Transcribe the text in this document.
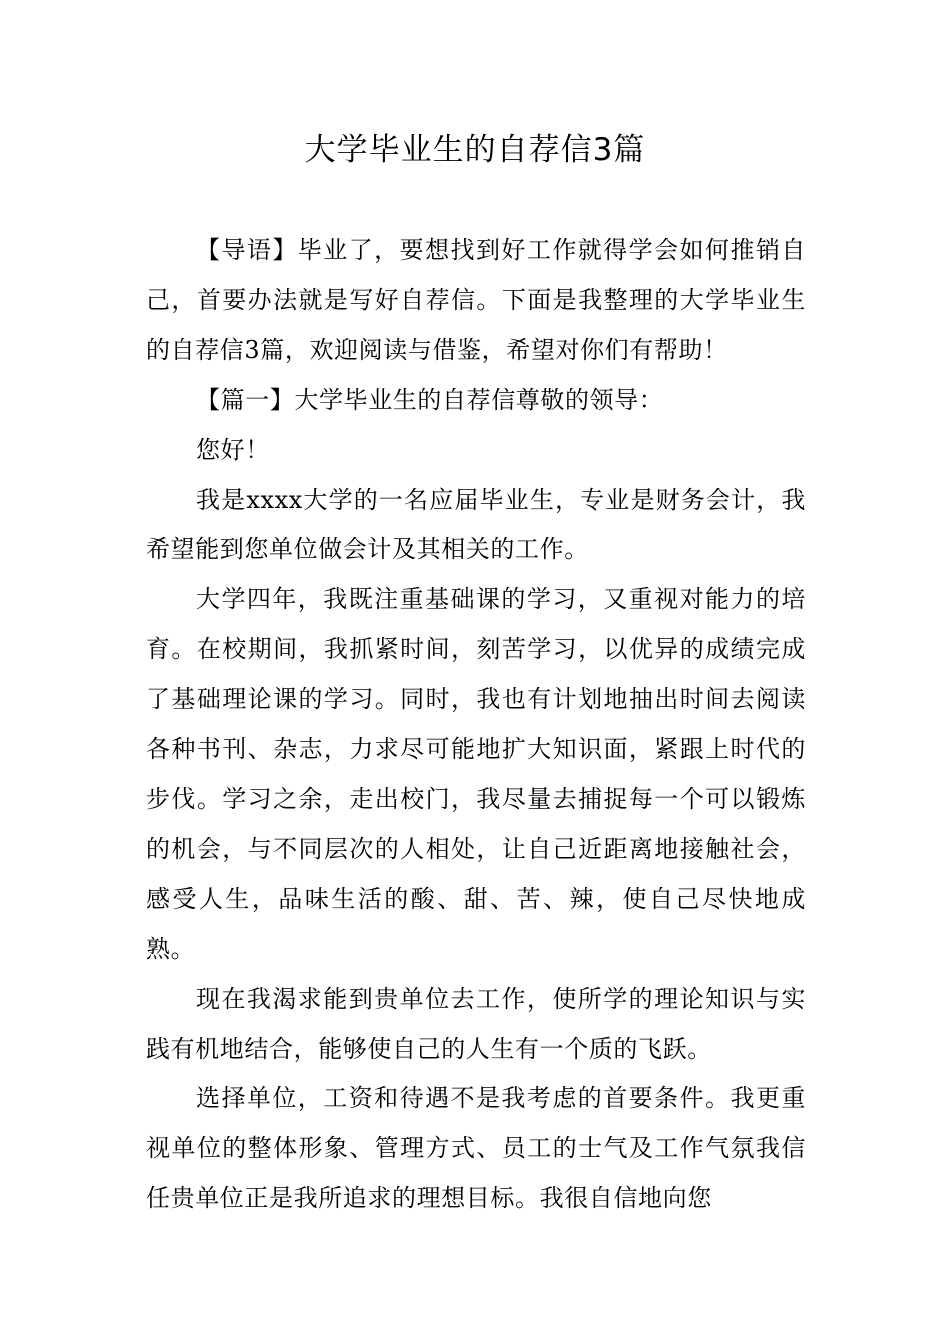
大学毕业生的自荐信3篇

【导语】毕业了，要想找到好工作就得学会如何推销自己，首要办法就是写好自荐信。下面是我整理的大学毕业生的自荐信3篇，欢迎阅读与借鉴，希望对你们有帮助！

【篇一】大学毕业生的自荐信尊敬的领导：

您好！

我是xxxx大学的一名应届毕业生，专业是财务会计，我希望能到您单位做会计及其相关的工作。

大学四年，我既注重基础课的学习，又重视对能力的培育。在校期间，我抓紧时间，刻苦学习，以优异的成绩完成了基础理论课的学习。同时，我也有计划地抽出时间去阅读各种书刊、杂志，力求尽可能地扩大知识面，紧跟上时代的步伐。学习之余，走出校门，我尽量去捕捉每一个可以锻炼的机会，与不同层次的人相处，让自己近距离地接触社会，感受人生，品味生活的酸、甜、苦、辣，使自己尽快地成熟。

现在我渴求能到贵单位去工作，使所学的理论知识与实践有机地结合，能够使自己的人生有一个质的飞跃。

选择单位，工资和待遇不是我考虑的首要条件。我更重视单位的整体形象、管理方式、员工的士气及工作气氛我信任贵单位正是我所追求的理想目标。我很自信地向您
